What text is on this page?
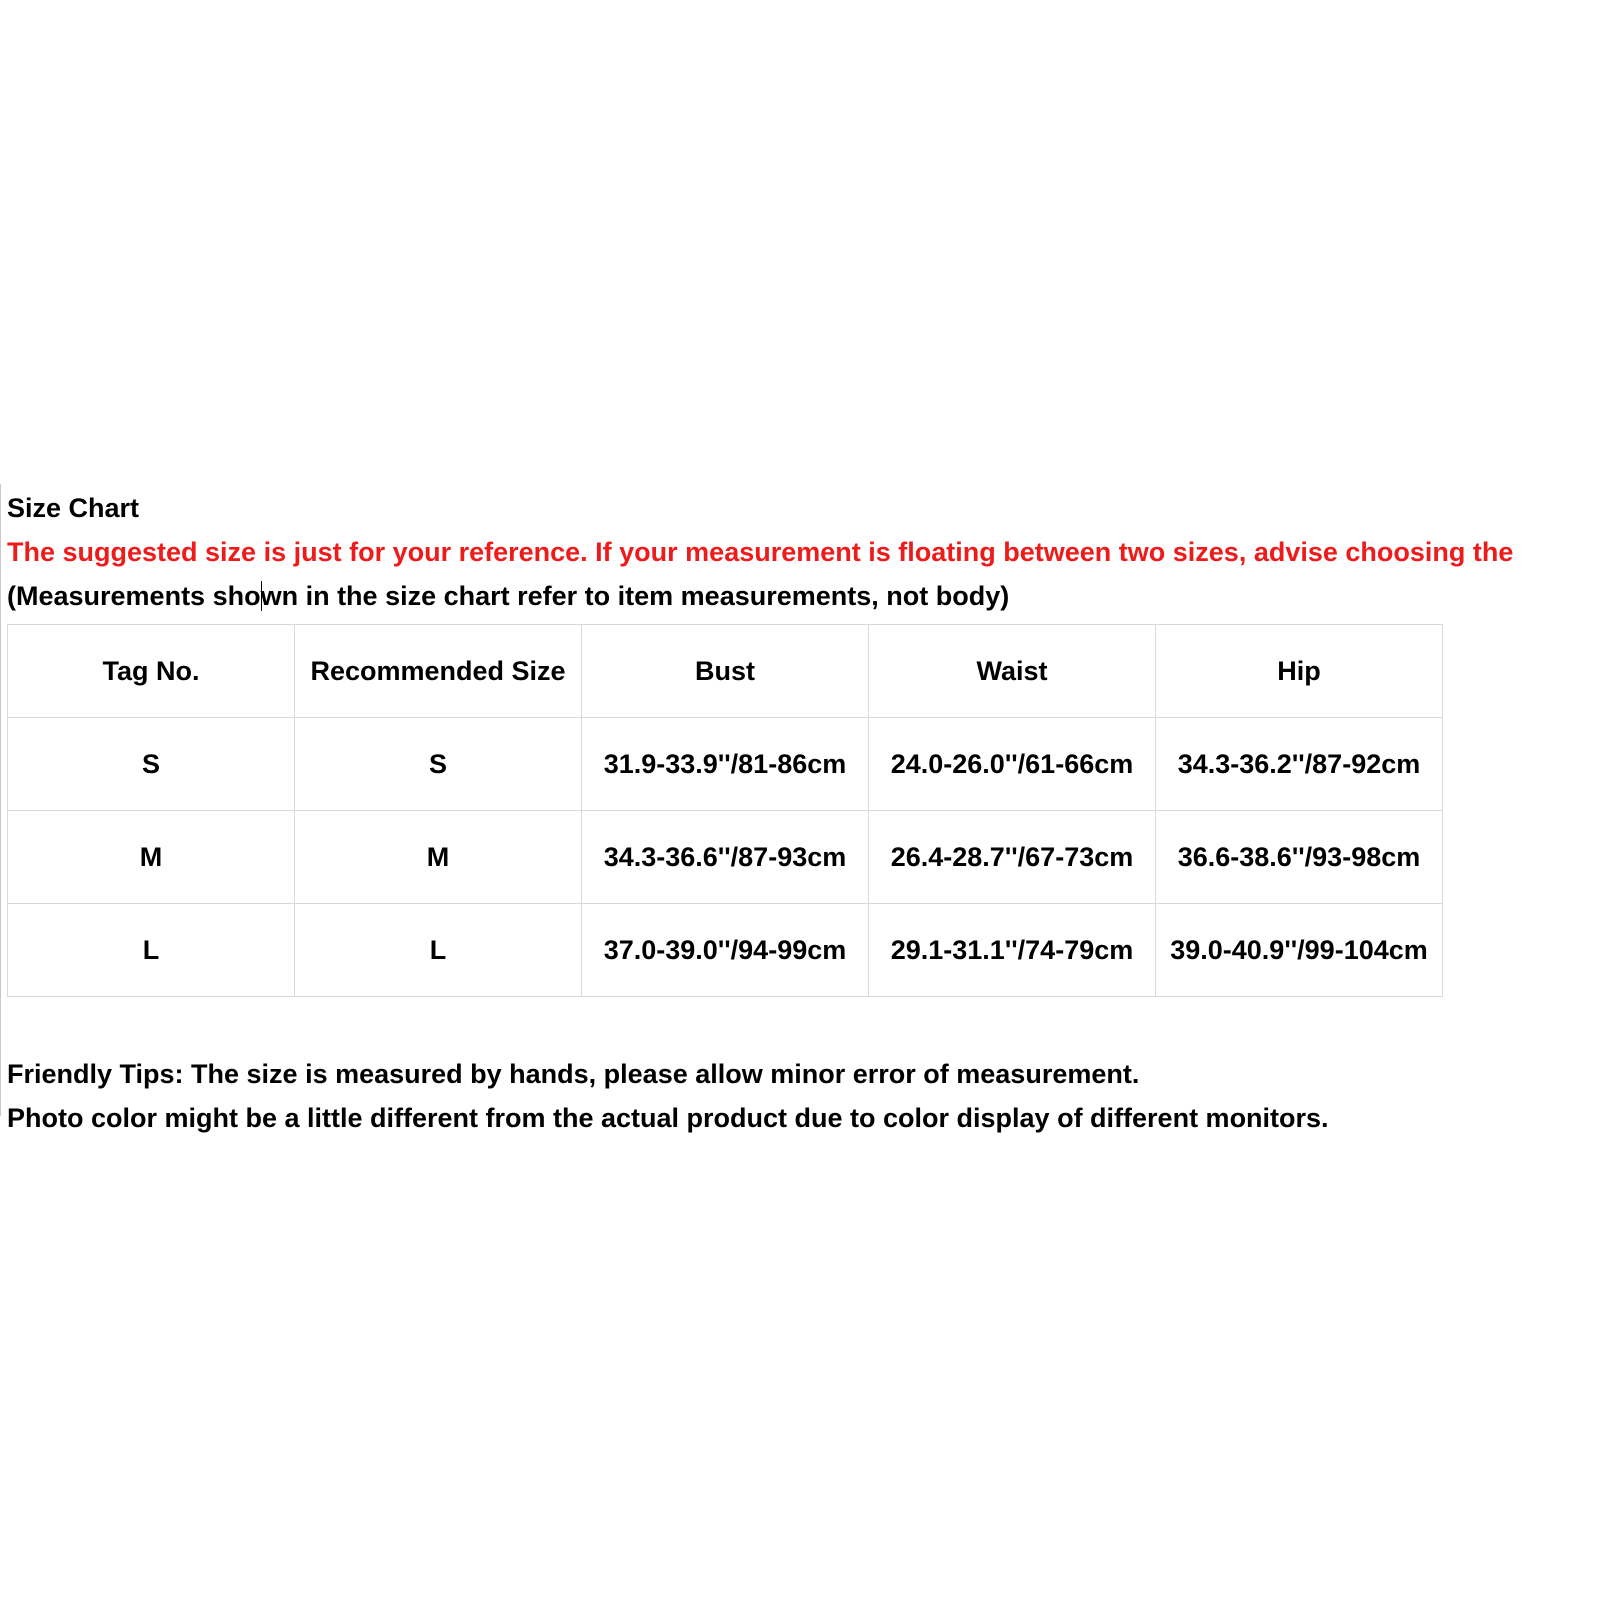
Size Chart
The suggested size is just for your reference. If your measurement is floating between two sizes, advise choosing the
(Measurements shown in the size chart refer to item measurements, not body)
Tag No.	Recommended Size	Bust	Waist	Hip
S	S	31.9-33.9''/81-86cm	24.0-26.0''/61-66cm	34.3-36.2''/87-92cm
M	M	34.3-36.6''/87-93cm	26.4-28.7''/67-73cm	36.6-38.6''/93-98cm
L	L	37.0-39.0''/94-99cm	29.1-31.1''/74-79cm	39.0-40.9''/99-104cm
Friendly Tips: The size is measured by hands, please allow minor error of measurement.
Photo color might be a little different from the actual product due to color display of different monitors.
